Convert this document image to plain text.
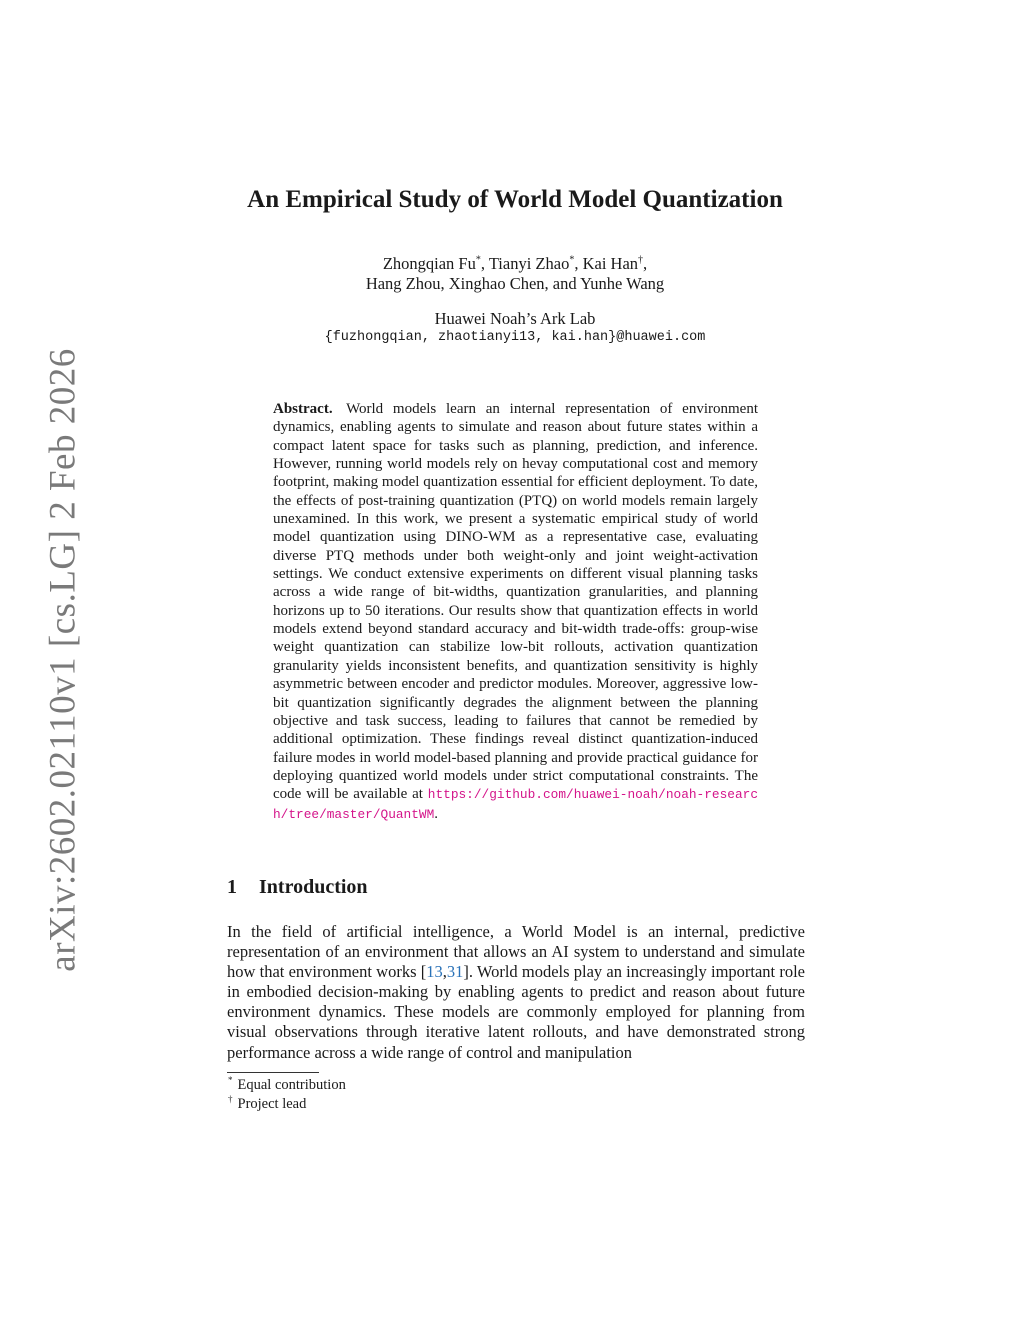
arXiv:2602.02110v1 [cs.LG] 2 Feb 2026
An Empirical Study of World Model Quantization
Zhongqian Fu*, Tianyi Zhao*, Kai Han†,
Hang Zhou, Xinghao Chen, and Yunhe Wang
Huawei Noah’s Ark Lab
{fuzhongqian, zhaotianyi13, kai.han}@huawei.com
Abstract. World models learn an internal representation of environment dynamics, enabling agents to simulate and reason about future states within a compact latent space for tasks such as planning, prediction, and inference. However, running world models rely on hevay computational cost and memory footprint, making model quantization essential for efficient deployment. To date, the effects of post-training quantization (PTQ) on world models remain largely unexamined. In this work, we present a systematic empirical study of world model quantization using DINO-WM as a representative case, evaluating diverse PTQ methods under both weight-only and joint weight-activation settings. We conduct extensive experiments on different visual planning tasks across a wide range of bit-widths, quantization granularities, and planning horizons up to 50 iterations. Our results show that quantization effects in world models extend beyond standard accuracy and bit-width trade-offs: group-wise weight quantization can stabilize low-bit rollouts, activation quantization granularity yields inconsistent benefits, and quantization sensitivity is highly asymmetric between encoder and predictor modules. Moreover, aggressive low-bit quantization significantly degrades the alignment between the planning objective and task success, leading to failures that cannot be remedied by additional optimization. These findings reveal distinct quantization-induced failure modes in world model-based planning and provide practical guidance for deploying quantized world models under strict computational constraints. The code will be available at https://github.com/huawei-noah/noah-research/tree/master/QuantWM.
1 Introduction

In the field of artificial intelligence, a World Model is an internal, predictive representation of an environment that allows an AI system to understand and simulate how that environment works [13,31]. World models play an increasingly important role in embodied decision-making by enabling agents to predict and reason about future environment dynamics. These models are commonly employed for planning from visual observations through iterative latent rollouts, and have demonstrated strong performance across a wide range of control and manipulation

* Equal contribution
† Project lead
